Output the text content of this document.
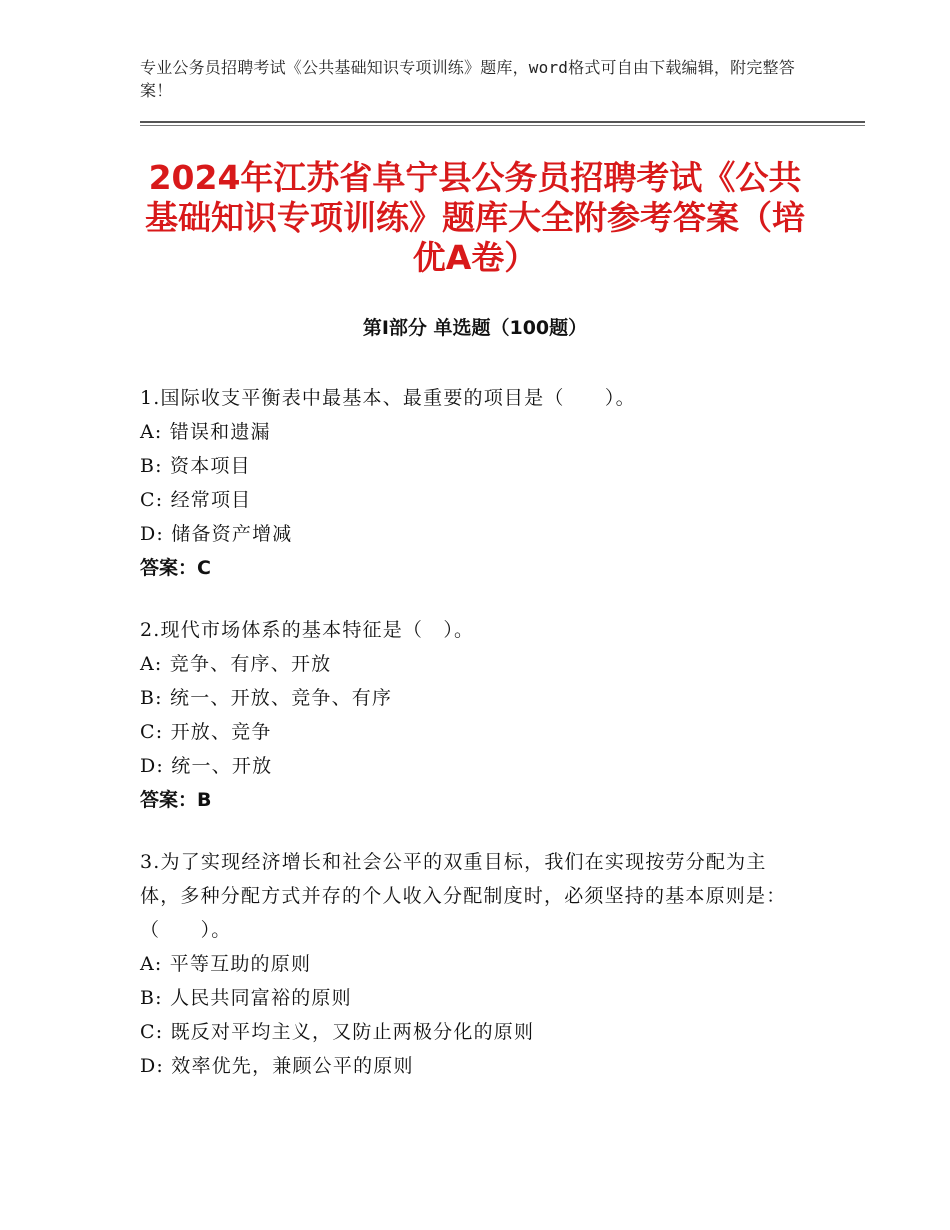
专业公务员招聘考试《公共基础知识专项训练》题库，word格式可自由下载编辑，附完整答案！
2024年江苏省阜宁县公务员招聘考试《公共基础知识专项训练》题库大全附参考答案（培优A卷）
第Ⅰ部分 单选题（100题）
1.国际收支平衡表中最基本、最重要的项目是（　　）。
A: 错误和遗漏
B: 资本项目
C: 经常项目
D: 储备资产增减
答案：C
2.现代市场体系的基本特征是（　）。
A: 竞争、有序、开放
B: 统一、开放、竞争、有序
C: 开放、竞争
D: 统一、开放
答案：B
3.为了实现经济增长和社会公平的双重目标，我们在实现按劳分配为主体，多种分配方式并存的个人收入分配制度时，必须坚持的基本原则是：（　　）。
A: 平等互助的原则
B: 人民共同富裕的原则
C: 既反对平均主义，又防止两极分化的原则
D: 效率优先，兼顾公平的原则
